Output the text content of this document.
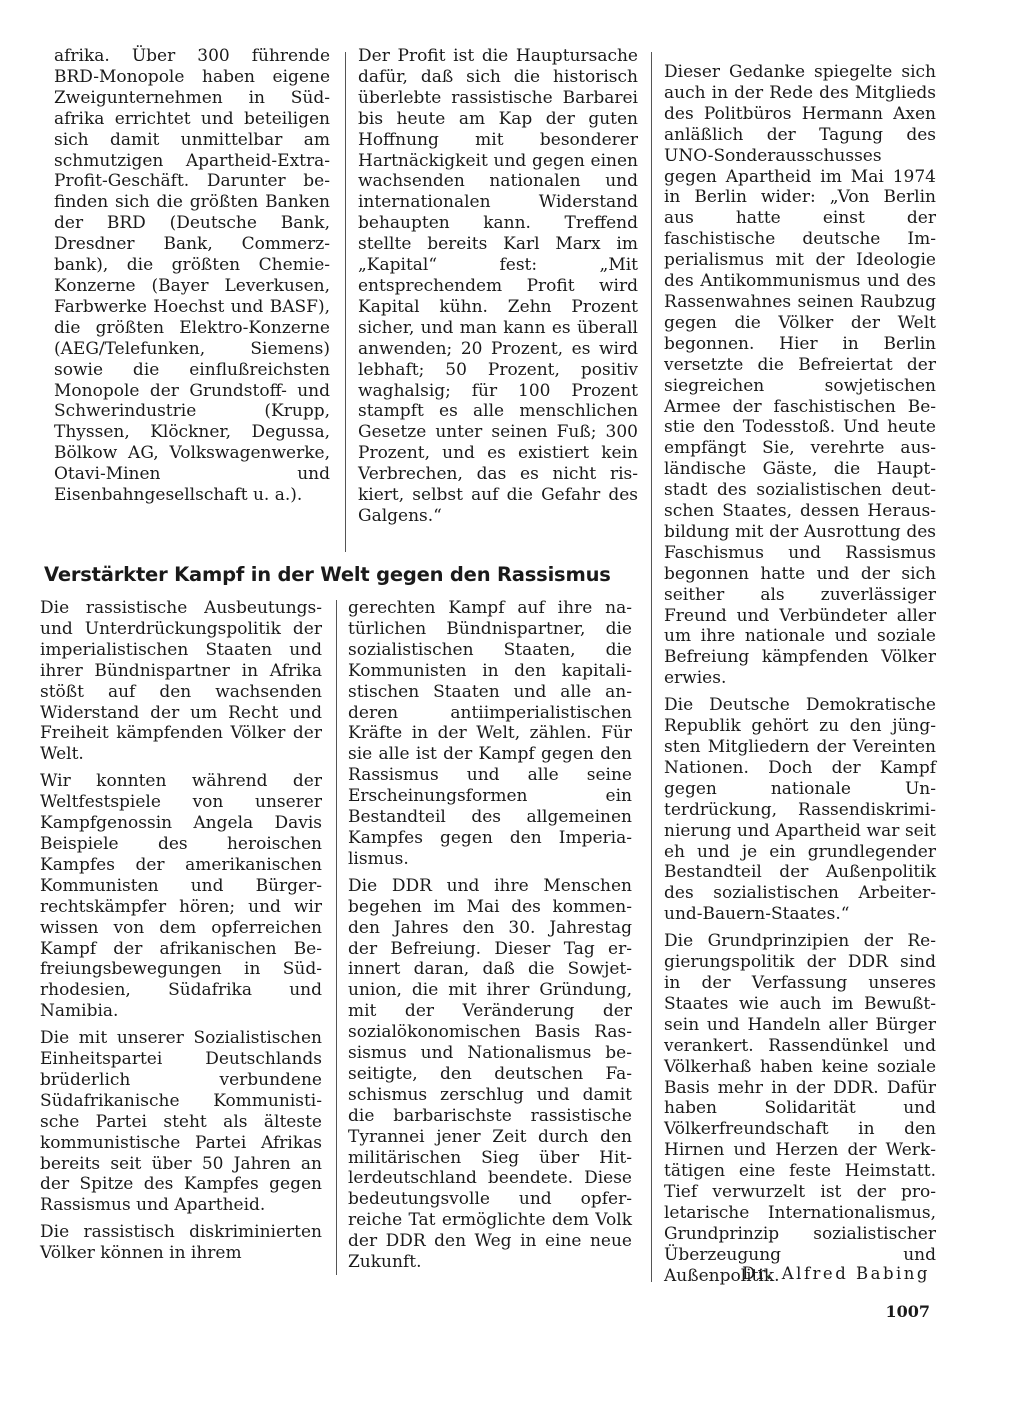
afrika. Über 300 führende BRD-Monopole haben eigene Zweigunternehmen in Südafrika errichtet und beteiligen sich damit unmittelbar am schmutzigen Apartheid-Extra-Profit-Geschäft. Darunter befinden sich die größten Banken der BRD (Deutsche Bank, Dresdner Bank, Commerzbank), die größten Chemie-Konzerne (Bayer Leverkusen, Farbwerke Hoechst und BASF), die größten Elektro-Konzerne (AEG/Telefunken, Siemens) sowie die einflußreichsten Monopole der Grundstoff- und Schwerindustrie (Krupp, Thyssen, Klöckner, Degussa, Bölkow AG, Volkswagenwerke, Otavi-Minen und Eisenbahngesellschaft u. a.).

Der Profit ist die Hauptursache dafür, daß sich die historisch überlebte rassistische Barbarei bis heute am Kap der guten Hoffnung mit besonderer Hartnäckigkeit und gegen einen wachsenden nationalen und internationalen Widerstand behaupten kann. Treffend stellte bereits Karl Marx im „Kapital“ fest: „Mit entsprechendem Profit wird Kapital kühn. Zehn Prozent sicher, und man kann es überall anwenden; 20 Prozent, es wird lebhaft; 50 Prozent, positiv waghalsig; für 100 Prozent stampft es alle menschlichen Gesetze unter seinen Fuß; 300 Prozent, und es existiert kein Verbrechen, das es nicht riskiert, selbst auf die Gefahr des Galgens.“

Verstärkter Kampf in der Welt gegen den Rassismus

Die rassistische Ausbeutungs- und Unterdrückungspolitik der imperialistischen Staaten und ihrer Bündnispartner in Afrika stößt auf den wachsenden Widerstand der um Recht und Freiheit kämpfenden Völker der Welt.

Wir konnten während der Weltfestspiele von unserer Kampfgenossin Angela Davis Beispiele des heroischen Kampfes der amerikanischen Kommunisten und Bürgerrechtskämpfer hören; und wir wissen von dem opferreichen Kampf der afrikanischen Befreiungsbewegungen in Südrhodesien, Südafrika und Namibia.

Die mit unserer Sozialistischen Einheitspartei Deutschlands brüderlich verbundene Südafrikanische Kommunistische Partei steht als älteste kommunistische Partei Afrikas bereits seit über 50 Jahren an der Spitze des Kampfes gegen Rassismus und Apartheid.

Die rassistisch diskriminierten Völker können in ihrem

gerechten Kampf auf ihre natürlichen Bündnispartner, die sozialistischen Staaten, die Kommunisten in den kapitalistischen Staaten und alle anderen antiimperialistischen Kräfte in der Welt, zählen. Für sie alle ist der Kampf gegen den Rassismus und alle seine Erscheinungsformen ein Bestandteil des allgemeinen Kampfes gegen den Imperialismus.

Die DDR und ihre Menschen begehen im Mai des kommenden Jahres den 30. Jahrestag der Befreiung. Dieser Tag erinnert daran, daß die Sowjetunion, die mit ihrer Gründung, mit der Veränderung der sozialökonomischen Basis Rassismus und Nationalismus beseitigte, den deutschen Faschismus zerschlug und damit die barbarischste rassistische Tyrannei jener Zeit durch den militärischen Sieg über Hitlerdeutschland beendete. Diese bedeutungsvolle und opferreiche Tat ermöglichte dem Volk der DDR den Weg in eine neue Zukunft.

Dieser Gedanke spiegelte sich auch in der Rede des Mitglieds des Politbüros Hermann Axen anläßlich der Tagung des UNO-Sonderausschusses gegen Apartheid im Mai 1974 in Berlin wider: „Von Berlin aus hatte einst der faschistische deutsche Imperialismus mit der Ideologie des Antikommunismus und des Rassenwahnes seinen Raubzug gegen die Völker der Welt begonnen. Hier in Berlin versetzte die Befreiertat der siegreichen sowjetischen Armee der faschistischen Bestie den Todesstoß. Und heute empfängt Sie, verehrte ausländische Gäste, die Hauptstadt des sozialistischen deutschen Staates, dessen Herausbildung mit der Ausrottung des Faschismus und Rassismus begonnen hatte und der sich seither als zuverlässiger Freund und Verbündeter aller um ihre nationale und soziale Befreiung kämpfenden Völker erwies.

Die Deutsche Demokratische Republik gehört zu den jüngsten Mitgliedern der Vereinten Nationen. Doch der Kampf gegen nationale Unterdrückung, Rassendiskriminierung und Apartheid war seit eh und je ein grundlegender Bestandteil der Außenpolitik des sozialistischen Arbeiter-und-Bauern-Staates.“

Die Grundprinzipien der Regierungspolitik der DDR sind in der Verfassung unseres Staates wie auch im Bewußtsein und Handeln aller Bürger verankert. Rassendünkel und Völkerhaß haben keine soziale Basis mehr in der DDR. Dafür haben Solidarität und Völkerfreundschaft in den Hirnen und Herzen der Werktätigen eine feste Heimstatt. Tief verwurzelt ist der proletarische Internationalismus, Grundprinzip sozialistischer Überzeugung und Außenpolitik.

Dr. Alfred Babing
1007
